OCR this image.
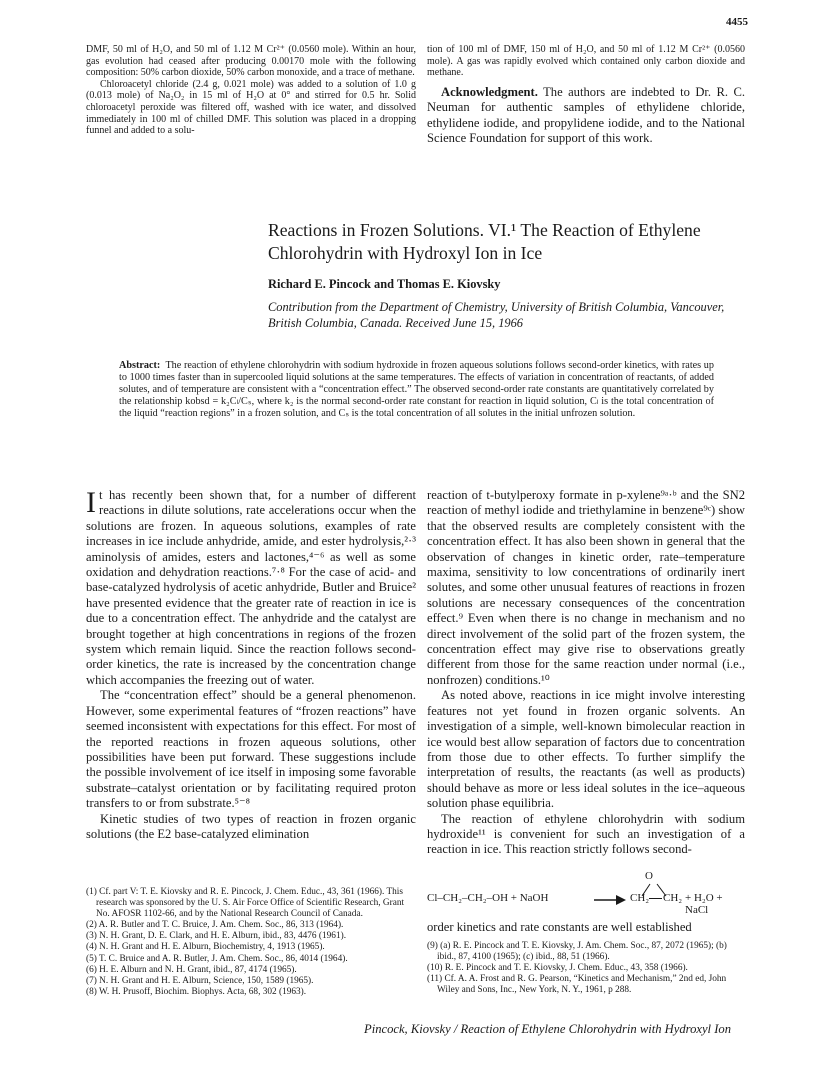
4455

DMF, 50 ml of H₂O, and 50 ml of 1.12 M Cr²⁺ (0.0560 mole). Within an hour, gas evolution had ceased after producing 0.00170 mole with the following composition: 50% carbon dioxide, 50% carbon monoxide, and a trace of methane.

Chloroacetyl chloride (2.4 g, 0.021 mole) was added to a solution of 1.0 g (0.013 mole) of Na₂O₂ in 15 ml of H₂O at 0° and stirred for 0.5 hr. Solid chloroacetyl peroxide was filtered off, washed with ice water, and dissolved immediately in 100 ml of chilled DMF. This solution was placed in a dropping funnel and added to a solu-

tion of 100 ml of DMF, 150 ml of H₂O, and 50 ml of 1.12 M Cr²⁺ (0.0560 mole). A gas was rapidly evolved which contained only carbon dioxide and methane.

Acknowledgment. The authors are indebted to Dr. R. C. Neuman for authentic samples of ethylidene chloride, ethylidene iodide, and propylidene iodide, and to the National Science Foundation for support of this work.

Reactions in Frozen Solutions. VI.¹ The Reaction of Ethylene Chlorohydrin with Hydroxyl Ion in Ice
Richard E. Pincock and Thomas E. Kiovsky
Contribution from the Department of Chemistry, University of British Columbia, Vancouver, British Columbia, Canada. Received June 15, 1966
Abstract: The reaction of ethylene chlorohydrin with sodium hydroxide in frozen aqueous solutions follows second-order kinetics, with rates up to 1000 times faster than in supercooled liquid solutions at the same temperatures. The effects of variation in concentration of reactants, of added solutes, and of temperature are consistent with a “concentration effect.” The observed second-order rate constants are quantitatively correlated by the relationship kobsd = k₂Cₗ/Cₛ, where k₂ is the normal second-order rate constant for reaction in liquid solution, Cₗ is the total concentration of the liquid “reaction regions” in a frozen solution, and Cₛ is the total concentration of all solutes in the initial unfrozen solution.

It has recently been shown that, for a number of different reactions in dilute solutions, rate accelerations occur when the solutions are frozen. In aqueous solutions, examples of rate increases in ice include anhydride, amide, and ester hydrolysis,²·³ aminolysis of amides, esters and lactones,⁴⁻⁶ as well as some oxidation and dehydration reactions.⁷·⁸ For the case of acid- and base-catalyzed hydrolysis of acetic anhydride, Butler and Bruice² have presented evidence that the greater rate of reaction in ice is due to a concentration effect. The anhydride and the catalyst are brought together at high concentrations in regions of the frozen system which remain liquid. Since the reaction follows second-order kinetics, the rate is increased by the concentration change which accompanies the freezing out of water.

The “concentration effect” should be a general phenomenon. However, some experimental features of “frozen reactions” have seemed inconsistent with expectations for this effect. For most of the reported reactions in frozen aqueous solutions, other possibilities have been put forward. These suggestions include the possible involvement of ice itself in imposing some favorable substrate–catalyst orientation or by facilitating required proton transfers to or from substrate.⁵⁻⁸

Kinetic studies of two types of reaction in frozen organic solutions (the E2 base-catalyzed elimination

(1) Cf. part V: T. E. Kiovsky and R. E. Pincock, J. Chem. Educ., 43, 361 (1966). This research was sponsored by the U. S. Air Force Office of Scientific Research, Grant No. AFOSR 1102-66, and by the National Research Council of Canada.
(2) A. R. Butler and T. C. Bruice, J. Am. Chem. Soc., 86, 313 (1964).
(3) N. H. Grant, D. E. Clark, and H. E. Alburn, ibid., 83, 4476 (1961).
(4) N. H. Grant and H. E. Alburn, Biochemistry, 4, 1913 (1965).
(5) T. C. Bruice and A. R. Butler, J. Am. Chem. Soc., 86, 4014 (1964).
(6) H. E. Alburn and N. H. Grant, ibid., 87, 4174 (1965).
(7) N. H. Grant and H. E. Alburn, Science, 150, 1589 (1965).
(8) W. H. Prusoff, Biochim. Biophys. Acta, 68, 302 (1963).

reaction of t-butylperoxy formate in p-xylene⁹ᵃ·ᵇ and the SN2 reaction of methyl iodide and triethylamine in benzene⁹ᶜ) show that the observed results are completely consistent with the concentration effect. It has also been shown in general that the observation of changes in kinetic order, rate–temperature maxima, sensitivity to low concentrations of ordinarily inert solutes, and some other unusual features of reactions in frozen solutions are necessary consequences of the concentration effect.⁹ Even when there is no change in mechanism and no direct involvement of the solid part of the frozen system, the concentration effect may give rise to observations greatly different from those for the same reaction under normal (i.e., nonfrozen) conditions.¹⁰

As noted above, reactions in ice might involve interesting features not yet found in frozen organic solvents. An investigation of a simple, well-known bimolecular reaction in ice would best allow separation of factors due to concentration from those due to other effects. To further simplify the interpretation of results, the reactants (as well as products) should behave as more or less ideal solutes in the ice–aqueous solution phase equilibria.

The reaction of ethylene chlorohydrin with sodium hydroxide¹¹ is convenient for such an investigation of a reaction in ice. This reaction strictly follows second-

Cl–CH₂–CH₂–OH + NaOH
O
CH₂ CH₂ + H₂O + NaCl

order kinetics and rate constants are well established

(9) (a) R. E. Pincock and T. E. Kiovsky, J. Am. Chem. Soc., 87, 2072 (1965); (b) ibid., 87, 4100 (1965); (c) ibid., 88, 51 (1966).
(10) R. E. Pincock and T. E. Kiovsky, J. Chem. Educ., 43, 358 (1966).
(11) Cf. A. A. Frost and R. G. Pearson, “Kinetics and Mechanism,” 2nd ed, John Wiley and Sons, Inc., New York, N. Y., 1961, p 288.
Pincock, Kiovsky / Reaction of Ethylene Chlorohydrin with Hydroxyl Ion
